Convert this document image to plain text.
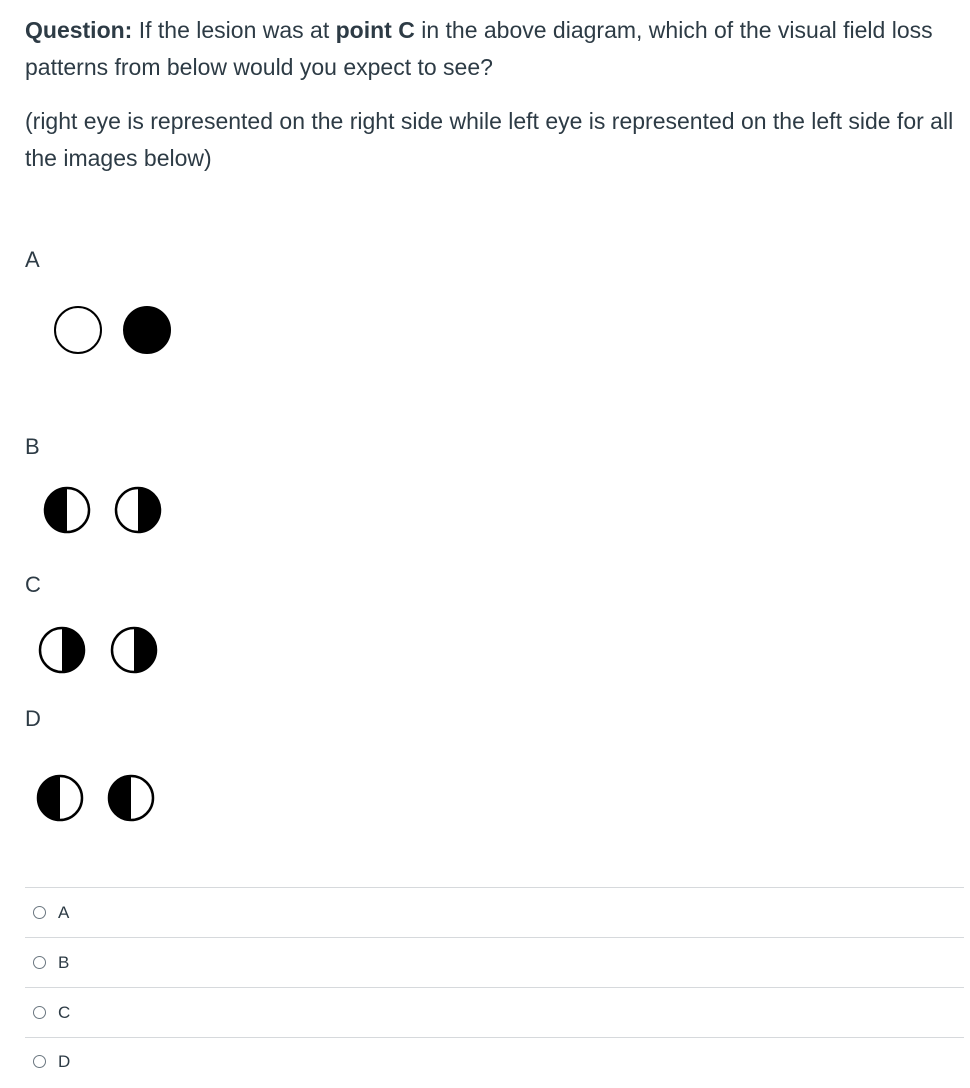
Question: If the lesion was at point C in the above diagram, which of the visual field loss patterns from below would you expect to see?

(right eye is represented on the right side while left eye is represented on the left side for all the images below)

A
B
C
D
A
B
C
D
